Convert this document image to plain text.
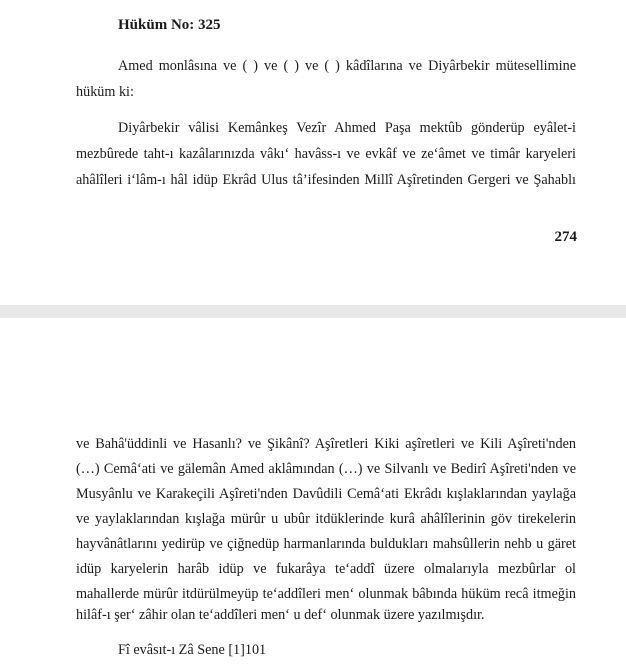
Hüküm No: 325
Amed monlâsına ve ( ) ve ( ) ve ( ) kâdîlarına ve Diyârbekir mütesellimine
hüküm ki:
Diyârbekir vâlisi Kemânkeş Vezîr Ahmed Paşa mektûb gönderüp eyâlet-i
mezbûrede taht-ı kazâlarınızda vâkı‘ havâss-ı ve evkâf ve ze‘âmet ve timâr karyeleri
ahâlîleri i‘lâm-ı hâl idüp Ekrâd Ulus tâ’ifesinden Millî Aşîretinden Gergeri ve Şahablı
274
ve Bahâ'üddinli ve Hasanlı? ve Şikânî? Aşîretleri Kiki aşîretleri ve Kili Aşîreti'nden
(…) Cemâ‘ati ve gälemân Amed aklâmından (…) ve Silvanlı ve Bedirî Aşîreti'nden ve
Musyânlu ve Karakeçili Aşîreti'nden Davûdili Cemâ‘ati Ekrâdı kışlaklarından yaylağa
ve yaylaklarından kışlağa mürûr u ubûr itdüklerinde kurâ ahâlîlerinin göv tirekelerin
hayvânâtlarını yedirüp ve çiğnedüp harmanlarında buldukları mahsûllerin nehb u gäret
idüp karyelerin harâb idüp ve fukarâya te‘addî üzere olmalarıyla mezbûrlar ol
mahallerde mürûr itdürülmeyüp te‘addîleri men‘ olunmak bâbında hüküm recâ itmeğin
hilâf-ı şer‘ zâhir olan te‘addîleri men‘ u def‘ olunmak üzere yazılmışdır.
Fî evâsıt-ı Zâ Sene [1]101
